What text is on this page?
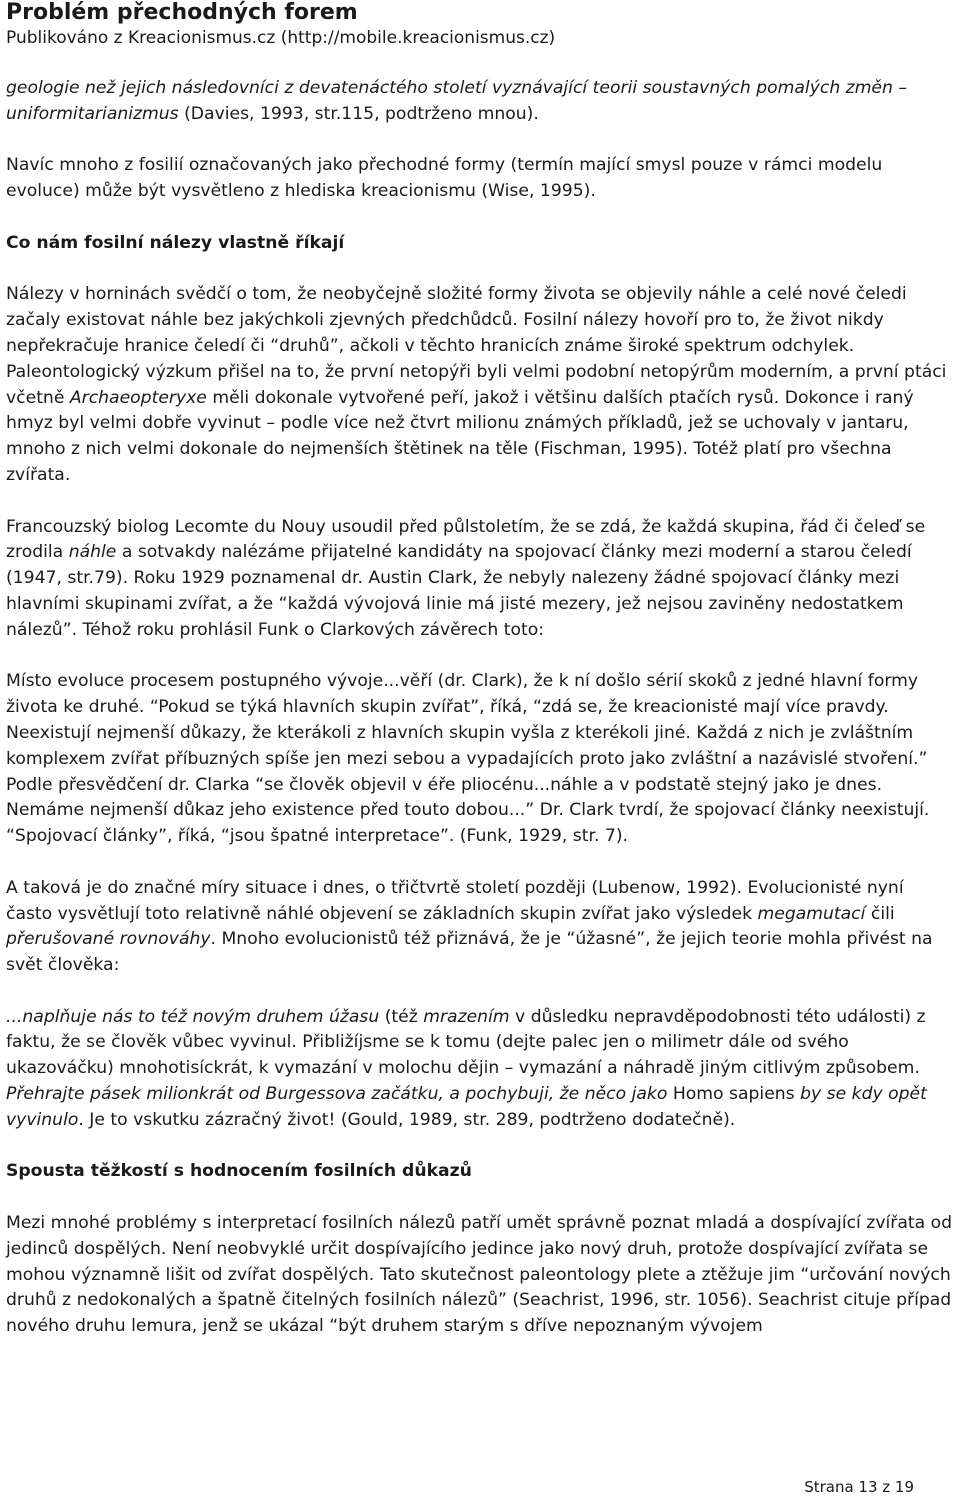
Problém přechodných forem

Publikováno z Kreacionismus.cz (http://mobile.kreacionismus.cz)

geologie než jejich následovníci z devatenáctého století vyznávající teorii soustavných pomalých změn – uniformitarianizmus (Davies, 1993, str.115, podtrženo mnou).

Navíc mnoho z fosilií označovaných jako přechodné formy (termín mající smysl pouze v rámci modelu evoluce) může být vysvětleno z hlediska kreacionismu (Wise, 1995).

Co nám fosilní nálezy vlastně říkají

Nálezy v horninách svědčí o tom, že neobyčejně složité formy života se objevily náhle a celé nové čeledi začaly existovat náhle bez jakýchkoli zjevných předchůdců. Fosilní nálezy hovoří pro to, že život nikdy nepřekračuje hranice čeledí či “druhů”, ačkoli v těchto hranicích známe široké spektrum odchylek. Paleontologický výzkum přišel na to, že první netopýři byli velmi podobní netopýrům moderním, a první ptáci včetně Archaeopteryxe měli dokonale vytvořené peří, jakož i většinu dalších ptačích rysů. Dokonce i raný hmyz byl velmi dobře vyvinut – podle více než čtvrt milionu známých příkladů, jež se uchovaly v jantaru, mnoho z nich velmi dokonale do nejmenších štětinek na těle (Fischman, 1995). Totéž platí pro všechna zvířata.

Francouzský biolog Lecomte du Nouy usoudil před půlstoletím, že se zdá, že každá skupina, řád či čeleď se zrodila náhle a sotvakdy nalézáme přijatelné kandidáty na spojovací články mezi moderní a starou čeledí (1947, str.79). Roku 1929 poznamenal dr. Austin Clark, že nebyly nalezeny žádné spojovací články mezi hlavními skupinami zvířat, a že “každá vývojová linie má jisté mezery, jež nejsou zaviněny nedostatkem nálezů”. Téhož roku prohlásil Funk o Clarkových závěrech toto:

Místo evoluce procesem postupného vývoje...věří (dr. Clark), že k ní došlo sérií skoků z jedné hlavní formy života ke druhé. “Pokud se týká hlavních skupin zvířat”, říká, “zdá se, že kreacionisté mají více pravdy. Neexistují nejmenší důkazy, že kterákoli z hlavních skupin vyšla z kterékoli jiné. Každá z nich je zvláštním komplexem zvířat příbuzných spíše jen mezi sebou a vypadajících proto jako zvláštní a nazávislé stvoření.” Podle přesvědčení dr. Clarka “se člověk objevil v éře pliocénu...náhle a v podstatě stejný jako je dnes. Nemáme nejmenší důkaz jeho existence před touto dobou...” Dr. Clark tvrdí, že spojovací články neexistují. “Spojovací články”, říká, “jsou špatné interpretace”. (Funk, 1929, str. 7).

A taková je do značné míry situace i dnes, o třičtvrtě století později (Lubenow, 1992). Evolucionisté nyní často vysvětlují toto relativně náhlé objevení se základních skupin zvířat jako výsledek megamutací čili přerušované rovnováhy. Mnoho evolucionistů též přiznává, že je “úžasné”, že jejich teorie mohla přivést na svět člověka:

...naplňuje nás to též novým druhem úžasu (též mrazením v důsledku nepravděpodobnosti této události) z faktu, že se člověk vůbec vyvinul. Přibližíjsme se k tomu (dejte palec jen o milimetr dále od svého ukazováčku) mnohotisíckrát, k vymazání v molochu dějin – vymazání a náhradě jiným citlivým způsobem. Přehrajte pásek milionkrát od Burgessova začátku, a pochybuji, že něco jako Homo sapiens by se kdy opět vyvinulo. Je to vskutku zázračný život! (Gould, 1989, str. 289, podtrženo dodatečně).

Spousta těžkostí s hodnocením fosilních důkazů

Mezi mnohé problémy s interpretací fosilních nálezů patří umět správně poznat mladá a dospívající zvířata od jedinců dospělých. Není neobvyklé určit dospívajícího jedince jako nový druh, protože dospívající zvířata se mohou významně lišit od zvířat dospělých. Tato skutečnost paleontology plete a ztěžuje jim “určování nových druhů z nedokonalých a špatně čitelných fosilních nálezů” (Seachrist, 1996, str. 1056). Seachrist cituje případ nového druhu lemura, jenž se ukázal “být druhem starým s dříve nepoznaným vývojem

Strana 13 z 19
